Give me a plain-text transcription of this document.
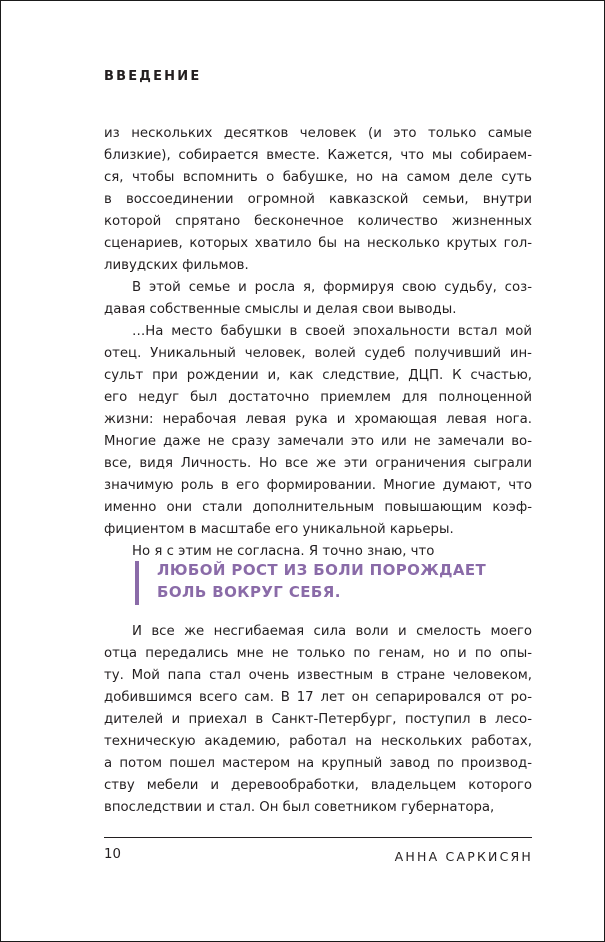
ВВЕДЕНИЕ

из нескольких десятков человек (и это только самые
близкие), собирается вместе. Кажется, что мы собираем-
ся, чтобы вспомнить о бабушке, но на самом деле суть
в воссоединении огромной кавказской семьи, внутри
которой спрятано бесконечное количество жизненных
сценариев, которых хватило бы на несколько крутых гол-
ливудских фильмов.

В этой семье и росла я, формируя свою судьбу, соз-
давая собственные смыслы и делая свои выводы.

…На место бабушки в своей эпохальности встал мой
отец. Уникальный человек, волей судеб получивший ин-
сульт при рождении и, как следствие, ДЦП. К счастью,
его недуг был достаточно приемлем для полноценной
жизни: нерабочая левая рука и хромающая левая нога.
Многие даже не сразу замечали это или не замечали во-
все, видя Личность. Но все же эти ограничения сыграли
значимую роль в его формировании. Многие думают, что
именно они стали дополнительным повышающим коэф-
фициентом в масштабе его уникальной карьеры.

Но я с этим не согласна. Я точно знаю, что

ЛЮБОЙ РОСТ ИЗ БОЛИ ПОРОЖДАЕТ
БОЛЬ ВОКРУГ СЕБЯ.

И все же несгибаемая сила воли и смелость моего
отца передались мне не только по генам, но и по опы-
ту. Мой папа стал очень известным в стране человеком,
добившимся всего сам. В 17 лет он сепарировался от ро-
дителей и приехал в Санкт-Петербург, поступил в лесо-
техническую академию, работал на нескольких работах,
а потом пошел мастером на крупный завод по производ-
ству мебели и деревообработки, владельцем которого
впоследствии и стал. Он был советником губернатора,

10	АННА САРКИСЯН
